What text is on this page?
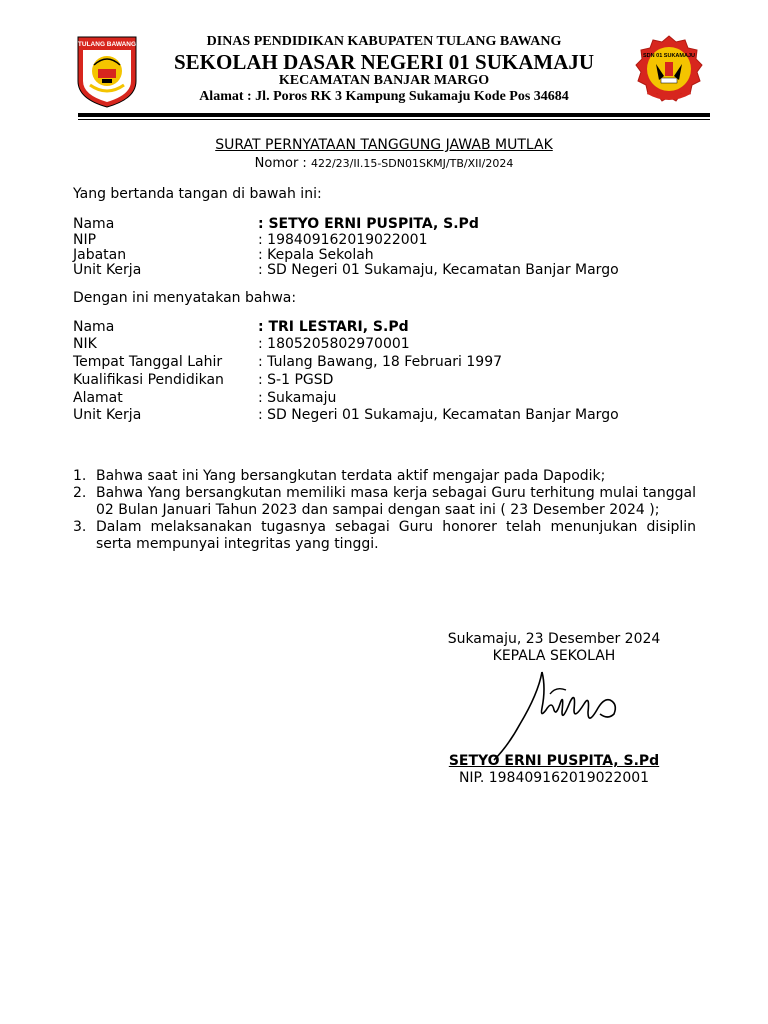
TULANG BAWANG
SDN 01 SUKAMAJU
DINAS PENDIDIKAN KABUPATEN TULANG BAWANG
SEKOLAH DASAR NEGERI 01 SUKAMAJU
KECAMATAN BANJAR MARGO
Alamat : Jl. Poros RK 3 Kampung Sukamaju Kode Pos 34684
SURAT PERNYATAAN TANGGUNG JAWAB MUTLAK
Nomor : 422/23/II.15-SDN01SKMJ/TB/XII/2024
Yang bertanda tangan di bawah ini:
Nama	: SETYO ERNI PUSPITA, S.Pd
NIP	: 198409162019022001
Jabatan	: Kepala Sekolah
Unit Kerja	: SD Negeri 01 Sukamaju, Kecamatan Banjar Margo
Dengan ini menyatakan bahwa:
Nama	: TRI LESTARI, S.Pd
NIK	: 1805205802970001
Tempat Tanggal Lahir	: Tulang Bawang, 18 Februari 1997
Kualifikasi Pendidikan : S-1 PGSD
Alamat	: Sukamaju
Unit Kerja	: SD Negeri 01 Sukamaju, Kecamatan Banjar Margo
1. Bahwa saat ini Yang bersangkutan terdata aktif mengajar pada Dapodik;
2. Bahwa Yang bersangkutan memiliki masa kerja sebagai Guru terhitung mulai tanggal 02 Bulan Januari Tahun 2023 dan sampai dengan saat ini ( 23 Desember 2024 );
3. Dalam melaksanakan tugasnya sebagai Guru honorer telah menunjukan disiplin serta mempunyai integritas yang tinggi.
Sukamaju, 23 Desember 2024
KEPALA SEKOLAH
SETYO ERNI PUSPITA, S.Pd
NIP. 198409162019022001
